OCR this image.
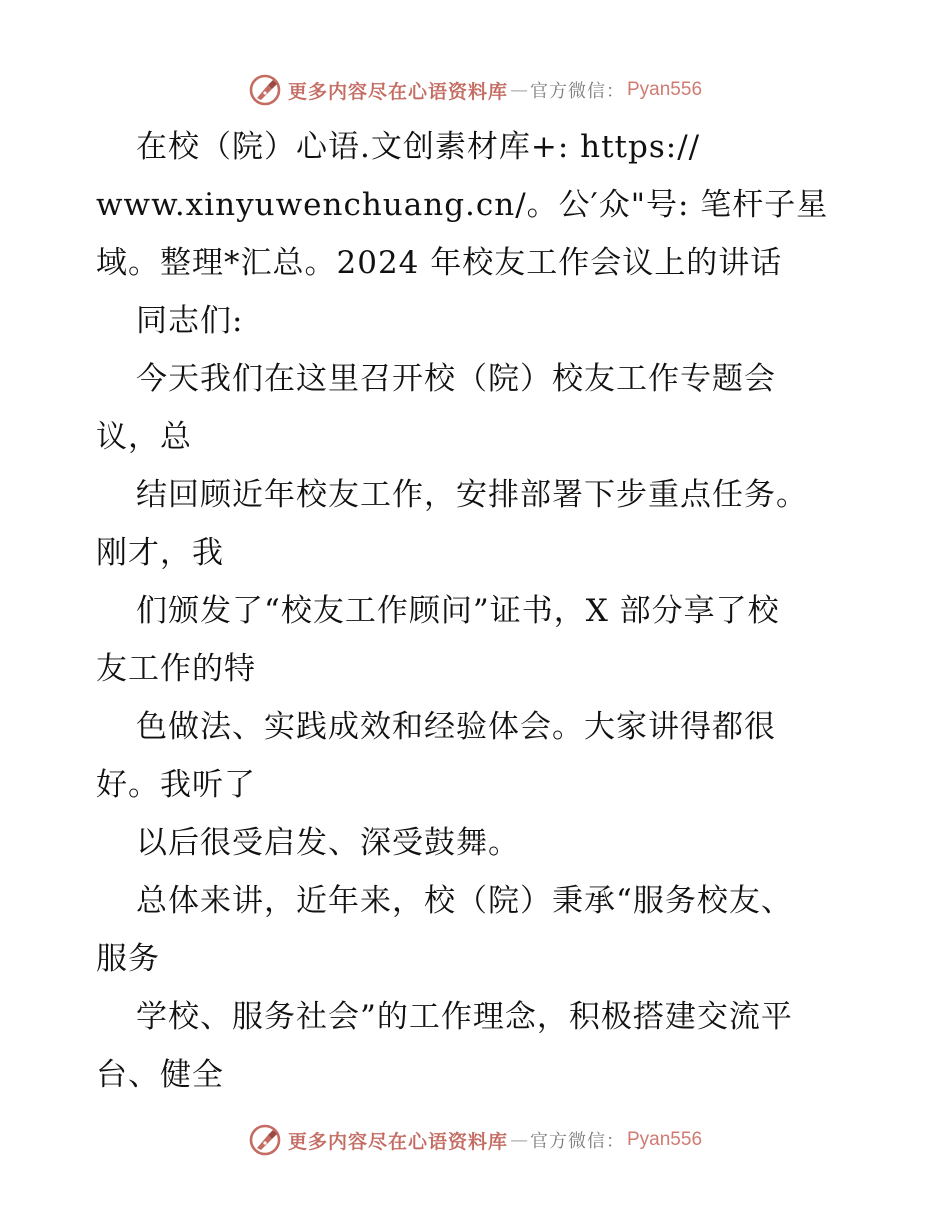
更多内容尽在心语资料库 — 官方微信： Pyan556
在校（院）心语.文创素材库+: https://
www.xinyuwenchuang.cn/。公′众"号: 笔杆子星
域。整理*汇总。2024 年校友工作会议上的讲话
同志们:
今天我们在这里召开校（院）校友工作专题会
议，总
结回顾近年校友工作，安排部署下步重点任务。
刚才，我
们颁发了“校友工作顾问”证书，X 部分享了校
友工作的特
色做法、实践成效和经验体会。大家讲得都很
好。我听了
以后很受启发、深受鼓舞。
总体来讲，近年来，校（院）秉承“服务校友、
服务
学校、服务社会”的工作理念，积极搭建交流平
台、健全
更多内容尽在心语资料库 — 官方微信： Pyan556
